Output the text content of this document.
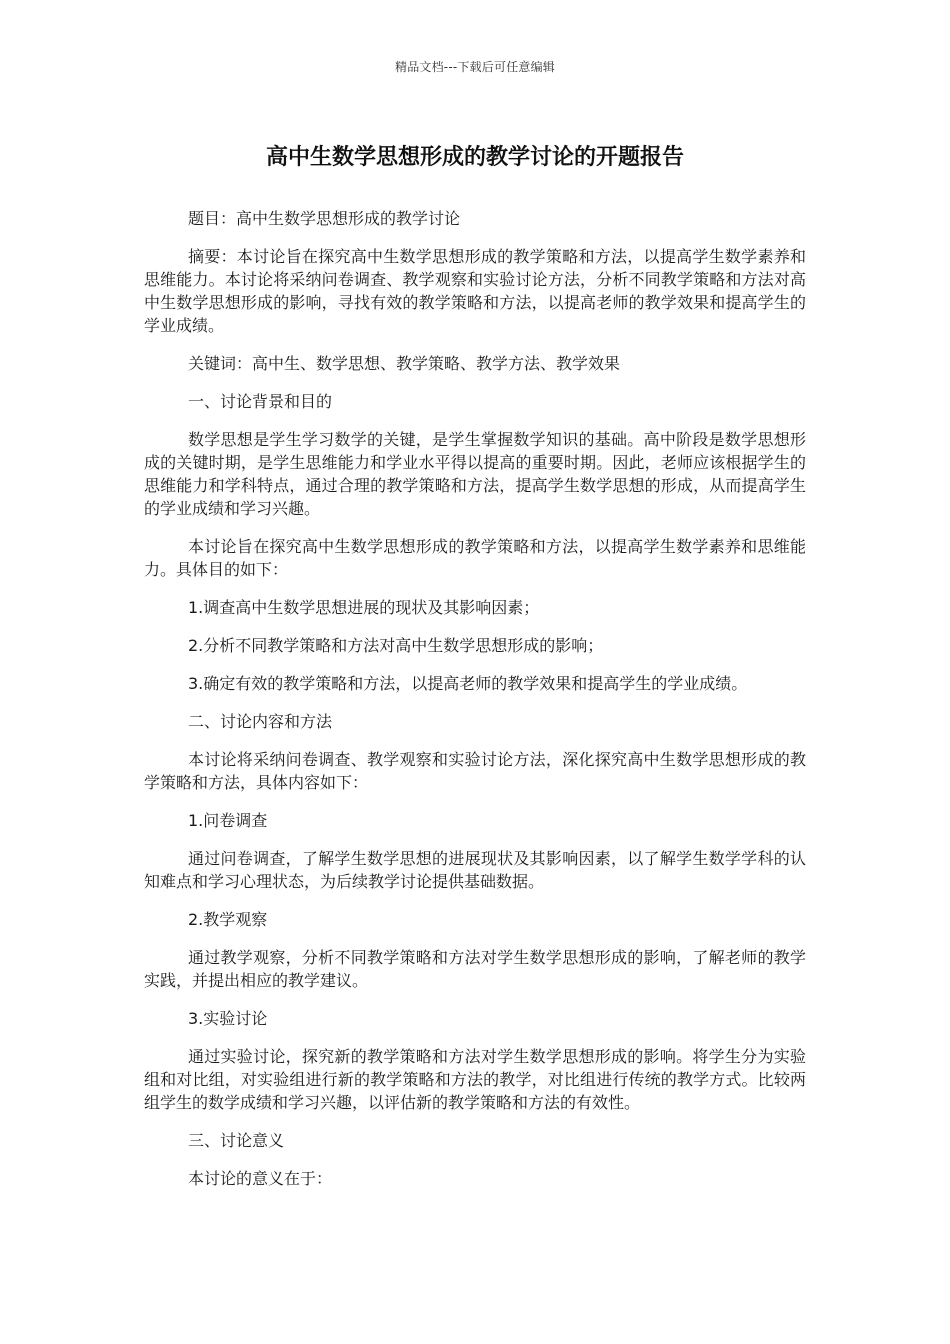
精品文档---下载后可任意编辑
高中生数学思想形成的教学讨论的开题报告

题目：高中生数学思想形成的教学讨论

摘要：本讨论旨在探究高中生数学思想形成的教学策略和方法，以提高学生数学素养和思维能力。本讨论将采纳问卷调查、教学观察和实验讨论方法，分析不同教学策略和方法对高中生数学思想形成的影响，寻找有效的教学策略和方法，以提高老师的教学效果和提高学生的学业成绩。

关键词：高中生、数学思想、教学策略、教学方法、教学效果

一、讨论背景和目的

数学思想是学生学习数学的关键，是学生掌握数学知识的基础。高中阶段是数学思想形成的关键时期，是学生思维能力和学业水平得以提高的重要时期。因此，老师应该根据学生的思维能力和学科特点，通过合理的教学策略和方法，提高学生数学思想的形成，从而提高学生的学业成绩和学习兴趣。

本讨论旨在探究高中生数学思想形成的教学策略和方法，以提高学生数学素养和思维能力。具体目的如下：

1.调查高中生数学思想进展的现状及其影响因素；

2.分析不同教学策略和方法对高中生数学思想形成的影响；

3.确定有效的教学策略和方法，以提高老师的教学效果和提高学生的学业成绩。

二、讨论内容和方法

本讨论将采纳问卷调查、教学观察和实验讨论方法，深化探究高中生数学思想形成的教学策略和方法，具体内容如下：

1.问卷调查

通过问卷调查，了解学生数学思想的进展现状及其影响因素，以了解学生数学学科的认知难点和学习心理状态，为后续教学讨论提供基础数据。

2.教学观察

通过教学观察，分析不同教学策略和方法对学生数学思想形成的影响，了解老师的教学实践，并提出相应的教学建议。

3.实验讨论

通过实验讨论，探究新的教学策略和方法对学生数学思想形成的影响。将学生分为实验组和对比组，对实验组进行新的教学策略和方法的教学，对比组进行传统的教学方式。比较两组学生的数学成绩和学习兴趣，以评估新的教学策略和方法的有效性。

三、讨论意义

本讨论的意义在于：
